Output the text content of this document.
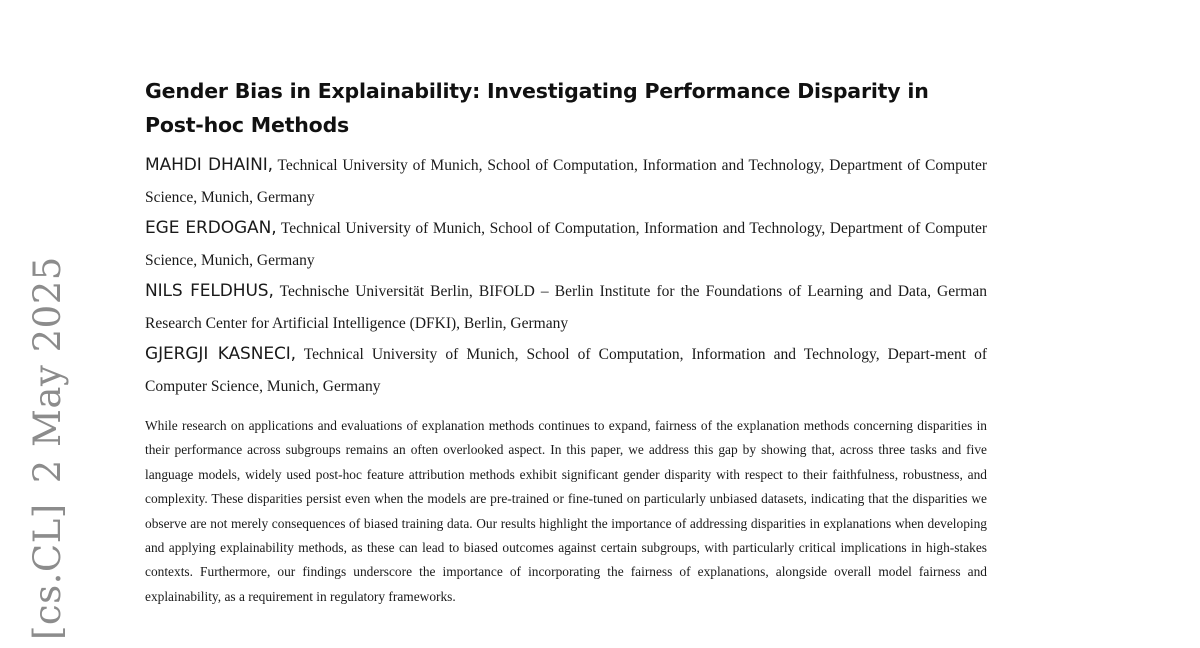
[cs.CL]2 May 2025
Gender Bias in Explainability: Investigating Performance Disparity in Post-hoc Methods

MAHDI DHAINI, Technical University of Munich, School of Computation, Information and Technology, Department of Computer Science, Munich, Germany

EGE ERDOGAN, Technical University of Munich, School of Computation, Information and Technology, Department of Computer Science, Munich, Germany

NILS FELDHUS, Technische Universität Berlin, BIFOLD – Berlin Institute for the Foundations of Learning and Data, German Research Center for Artificial Intelligence (DFKI), Berlin, Germany

GJERGJI KASNECI, Technical University of Munich, School of Computation, Information and Technology, Depart-ment of Computer Science, Munich, Germany

While research on applications and evaluations of explanation methods continues to expand, fairness of the explanation methods concerning disparities in their performance across subgroups remains an often overlooked aspect. In this paper, we address this gap by showing that, across three tasks and five language models, widely used post-hoc feature attribution methods exhibit significant gender disparity with respect to their faithfulness, robustness, and complexity. These disparities persist even when the models are pre-trained or fine-tuned on particularly unbiased datasets, indicating that the disparities we observe are not merely consequences of biased training data. Our results highlight the importance of addressing disparities in explanations when developing and applying explainability methods, as these can lead to biased outcomes against certain subgroups, with particularly critical implications in high-stakes contexts. Furthermore, our findings underscore the importance of incorporating the fairness of explanations, alongside overall model fairness and explainability, as a requirement in regulatory frameworks.
